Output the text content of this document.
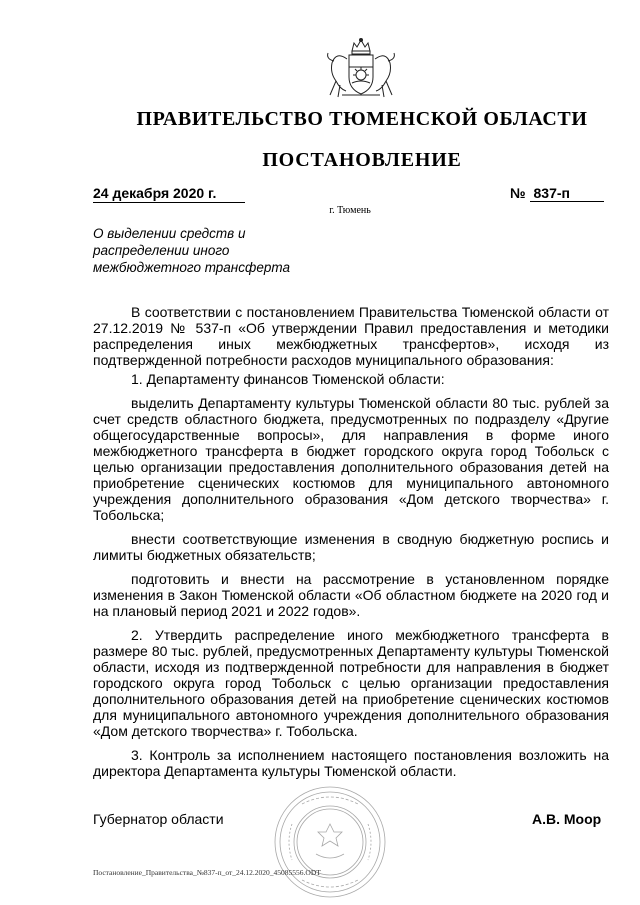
ПРАВИТЕЛЬСТВО ТЮМЕНСКОЙ ОБЛАСТИ
ПОСТАНОВЛЕНИЕ
24 декабря 2020 г.	№ 837-п
г. Тюмень
О выделении средств и
распределении иного
межбюджетного трансферта

В соответствии с постановлением Правительства Тюменской области от 27.12.2019 № 537-п «Об утверждении Правил предоставления и методики распределения иных межбюджетных трансфертов», исходя из подтвержденной потребности расходов муниципального образования:

1. Департаменту финансов Тюменской области:

выделить Департаменту культуры Тюменской области 80 тыс. рублей за счет средств областного бюджета, предусмотренных по подразделу «Другие общегосударственные вопросы», для направления в форме иного межбюджетного трансферта в бюджет городского округа город Тобольск с целью организации предоставления дополнительного образования детей на приобретение сценических костюмов для муниципального автономного учреждения дополнительного образования «Дом детского творчества» г. Тобольска;

внести соответствующие изменения в сводную бюджетную роспись и лимиты бюджетных обязательств;

подготовить и внести на рассмотрение в установленном порядке изменения в Закон Тюменской области «Об областном бюджете на 2020 год и на плановый период 2021 и 2022 годов».

2. Утвердить распределение иного межбюджетного трансферта в размере 80 тыс. рублей, предусмотренных Департаменту культуры Тюменской области, исходя из подтвержденной потребности для направления в бюджет городского округа город Тобольск с целью организации предоставления дополнительного образования детей на приобретение сценических костюмов для муниципального автономного учреждения дополнительного образования «Дом детского творчества» г. Тобольска.

3. Контроль за исполнением настоящего постановления возложить на директора Департамента культуры Тюменской области.

Губернатор области	А.В. Моор
Постановление_Правительства_№837-п_от_24.12.2020_45085556.ODT
